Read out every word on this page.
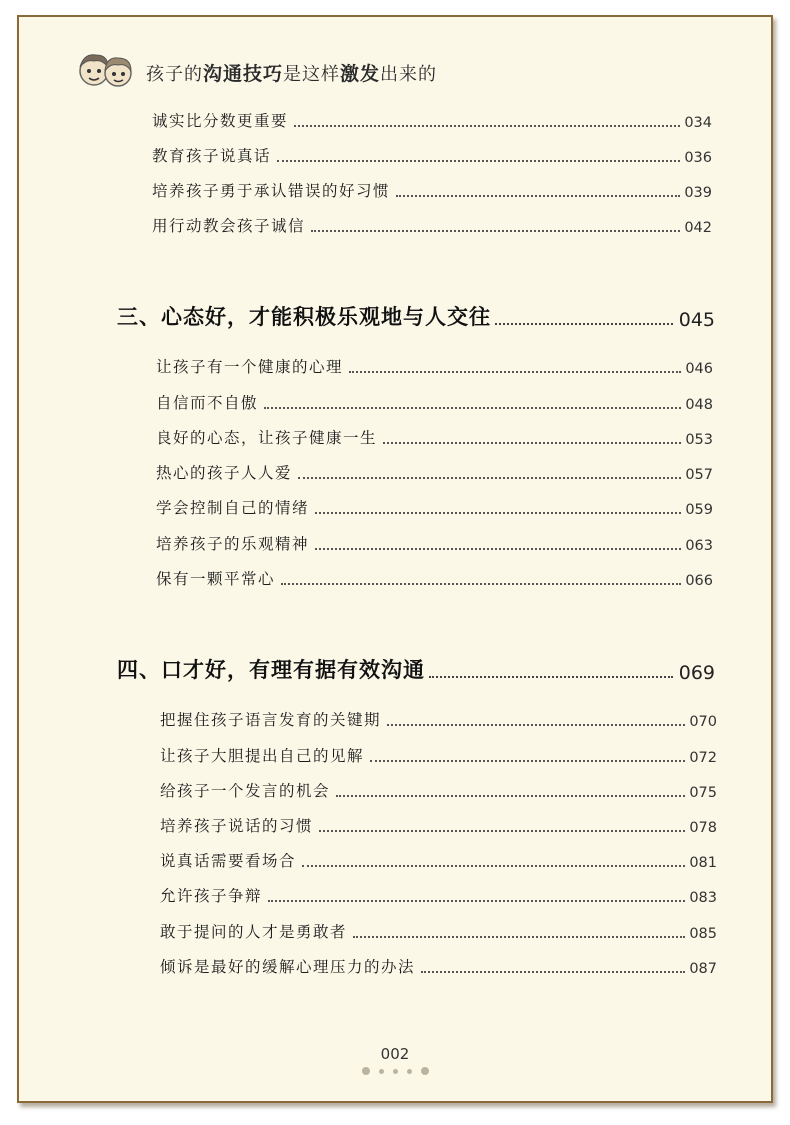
孩子的沟通技巧是这样激发出来的
诚实比分数更重要	034
教育孩子说真话	036
培养孩子勇于承认错误的好习惯	039
用行动教会孩子诚信	042
三、心态好，才能积极乐观地与人交往	045
让孩子有一个健康的心理	046
自信而不自傲	048
良好的心态，让孩子健康一生	053
热心的孩子人人爱	057
学会控制自己的情绪	059
培养孩子的乐观精神	063
保有一颗平常心	066
四、口才好，有理有据有效沟通	069
把握住孩子语言发育的关键期	070
让孩子大胆提出自己的见解	072
给孩子一个发言的机会	075
培养孩子说话的习惯	078
说真话需要看场合	081
允许孩子争辩	083
敢于提问的人才是勇敢者	085
倾诉是最好的缓解心理压力的办法	087
002
